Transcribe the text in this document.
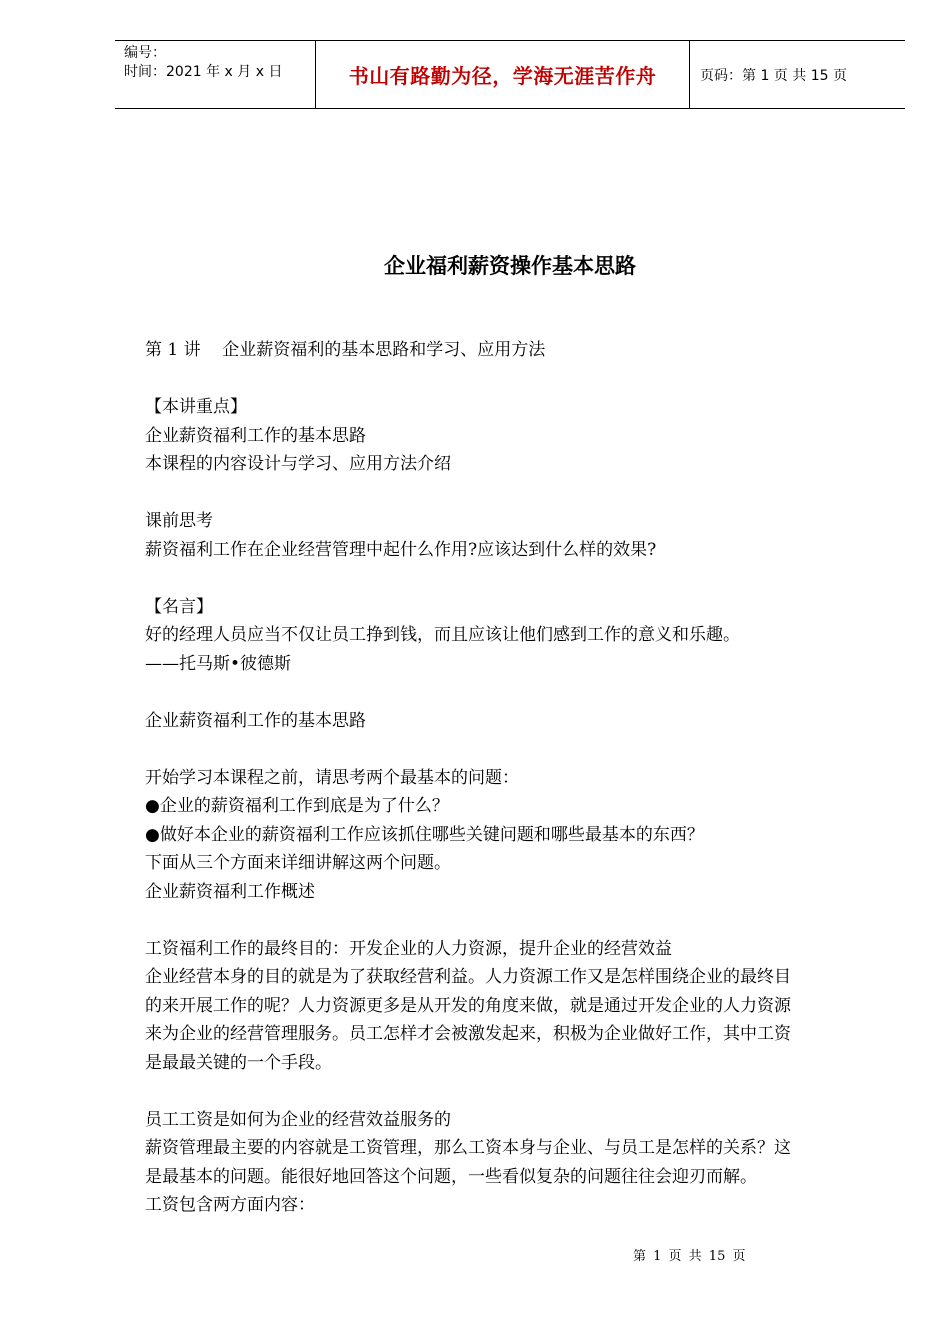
编号：
时间：2021 年 x 月 x 日	书山有路勤为径，学海无涯苦作舟	页码：第 1 页 共 15 页
企业福利薪资操作基本思路

第 1 讲    企业薪资福利的基本思路和学习、应用方法

【本讲重点】

企业薪资福利工作的基本思路

本课程的内容设计与学习、应用方法介绍

课前思考

薪资福利工作在企业经营管理中起什么作用?应该达到什么样的效果?

【名言】

好的经理人员应当不仅让员工挣到钱，而且应该让他们感到工作的意义和乐趣。

——托马斯•彼德斯

企业薪资福利工作的基本思路

开始学习本课程之前，请思考两个最基本的问题：

●企业的薪资福利工作到底是为了什么？

●做好本企业的薪资福利工作应该抓住哪些关键问题和哪些最基本的东西？

下面从三个方面来详细讲解这两个问题。

企业薪资福利工作概述

工资福利工作的最终目的：开发企业的人力资源，提升企业的经营效益

企业经营本身的目的就是为了获取经营利益。人力资源工作又是怎样围绕企业的最终目

的来开展工作的呢？人力资源更多是从开发的角度来做，就是通过开发企业的人力资源

来为企业的经营管理服务。员工怎样才会被激发起来，积极为企业做好工作，其中工资

是最最关键的一个手段。

员工工资是如何为企业的经营效益服务的

薪资管理最主要的内容就是工资管理，那么工资本身与企业、与员工是怎样的关系？这

是最基本的问题。能很好地回答这个问题，一些看似复杂的问题往往会迎刃而解。

工资包含两方面内容：

第 1 页 共 15 页
